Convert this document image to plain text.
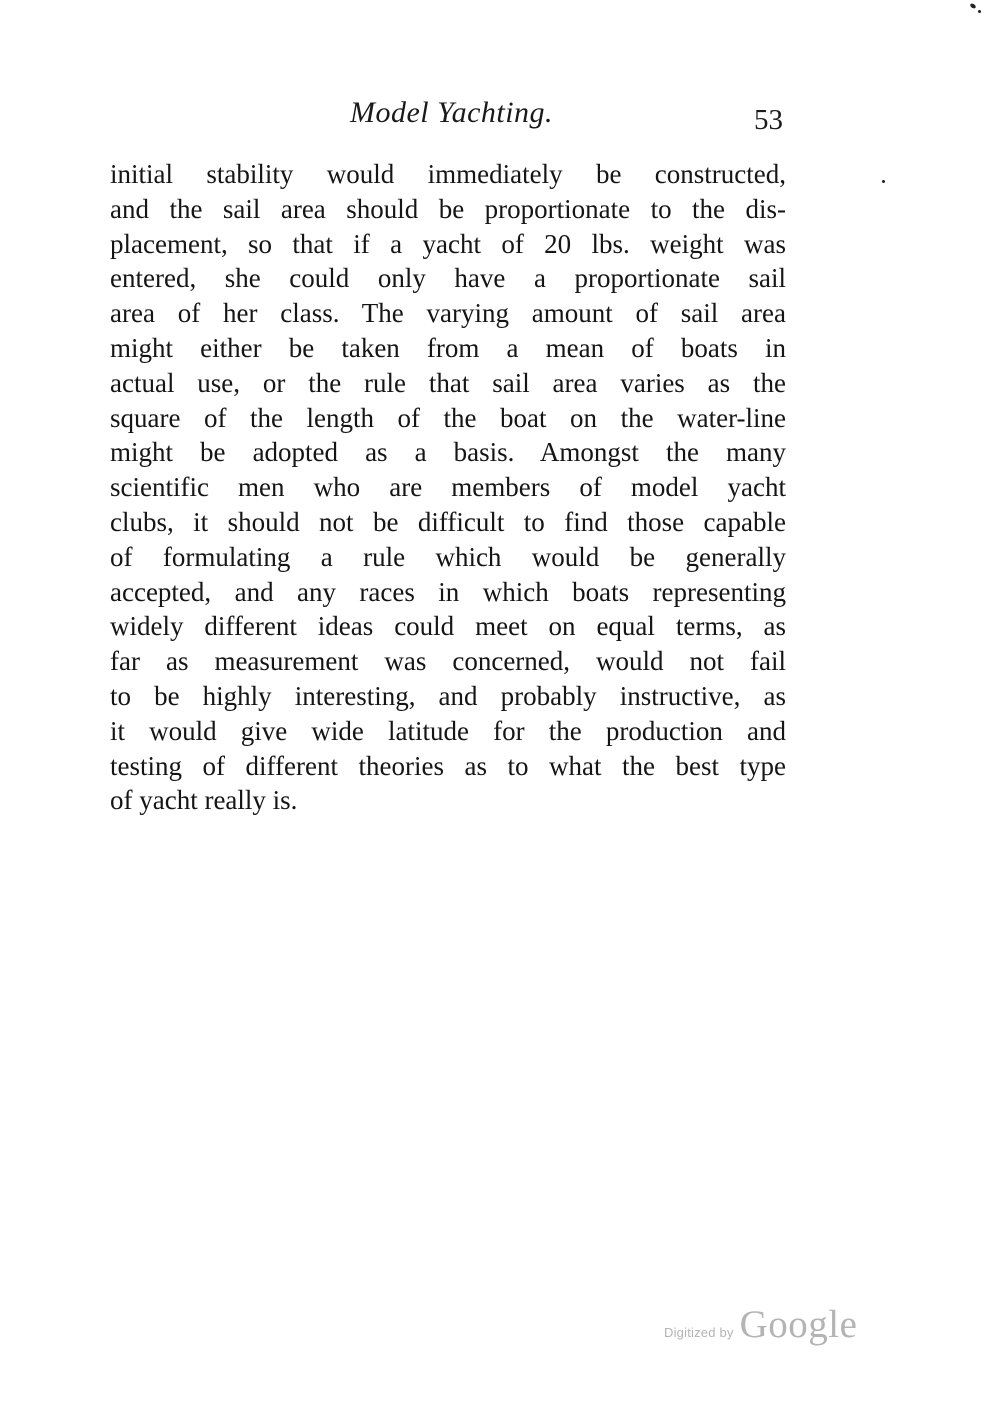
Model Yachting.	53
initial stability would immediately be constructed,
and the sail area should be proportionate to the dis-
placement, so that if a yacht of 20 lbs. weight was
entered, she could only have a proportionate sail
area of her class. The varying amount of sail area
might either be taken from a mean of boats in
actual use, or the rule that sail area varies as the
square of the length of the boat on the water-line
might be adopted as a basis. Amongst the many
scientific men who are members of model yacht
clubs, it should not be difficult to find those capable
of formulating a rule which would be generally
accepted, and any races in which boats representing
widely different ideas could meet on equal terms, as
far as measurement was concerned, would not fail
to be highly interesting, and probably instructive, as
it would give wide latitude for the production and
testing of different theories as to what the best type
of yacht really is.
Digitized by Google
